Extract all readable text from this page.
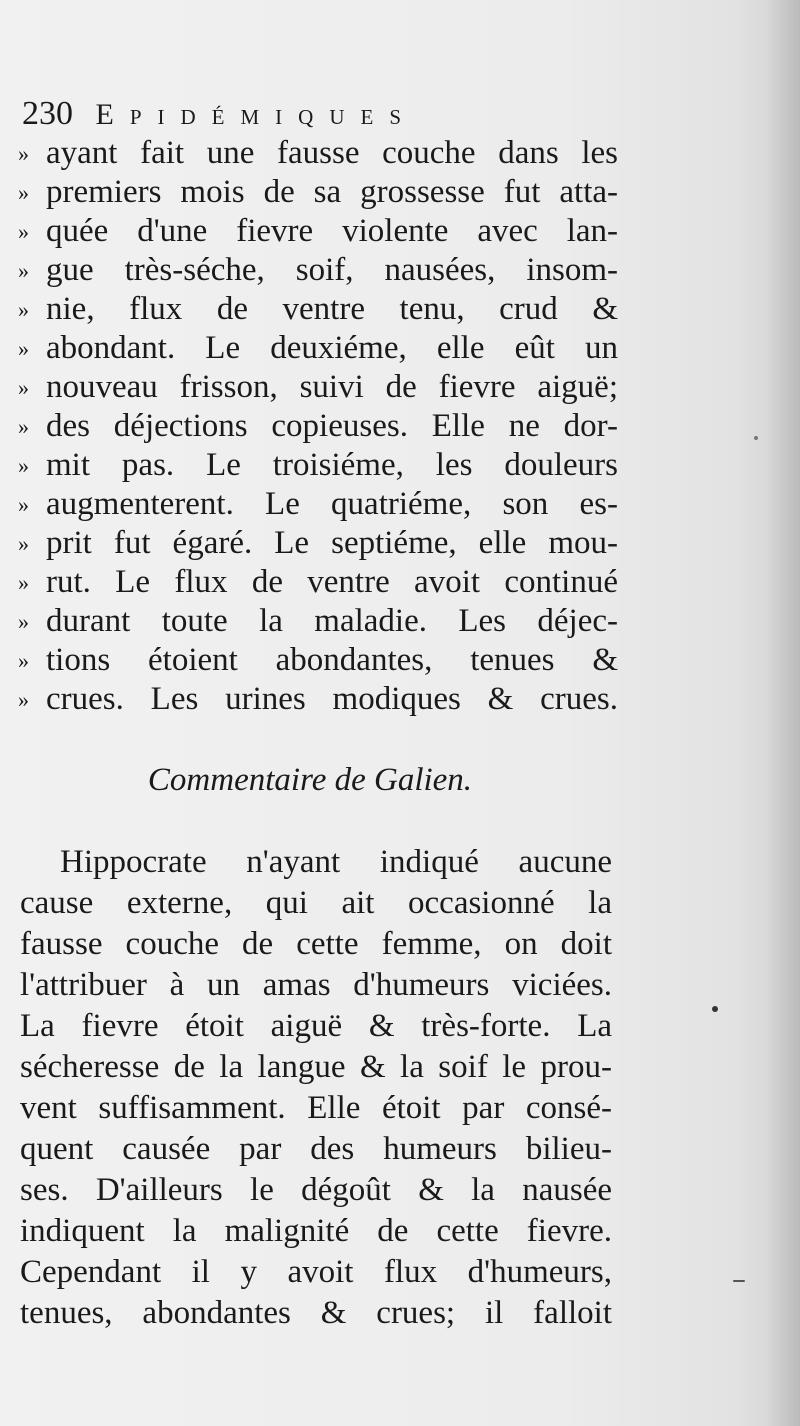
230 Epidémiques
» ayant fait une fausse couche dans les
» premiers mois de sa grossesse fut atta-
» quée d'une fievre violente avec lan-
» gue très-séche, soif, nausées, insom-
» nie, flux de ventre tenu, crud &
» abondant. Le deuxiéme, elle eût un
» nouveau frisson, suivi de fievre aiguë;
» des déjections copieuses. Elle ne dor-
» mit pas. Le troisiéme, les douleurs
» augmenterent. Le quatriéme, son es-
» prit fut égaré. Le septiéme, elle mou-
» rut. Le flux de ventre avoit continué
» durant toute la maladie. Les déjec-
» tions étoient abondantes, tenues &
» crues. Les urines modiques & crues.
Commentaire de Galien.
Hippocrate n'ayant indiqué aucune
cause externe, qui ait occasionné la
fausse couche de cette femme, on doit
l'attribuer à un amas d'humeurs viciées.
La fievre étoit aiguë & très-forte. La
sécheresse de la langue & la soif le prou-
vent suffisamment. Elle étoit par consé-
quent causée par des humeurs bilieu-
ses. D'ailleurs le dégoût & la nausée
indiquent la malignité de cette fievre.
Cependant il y avoit flux d'humeurs,
tenues, abondantes & crues; il falloit
